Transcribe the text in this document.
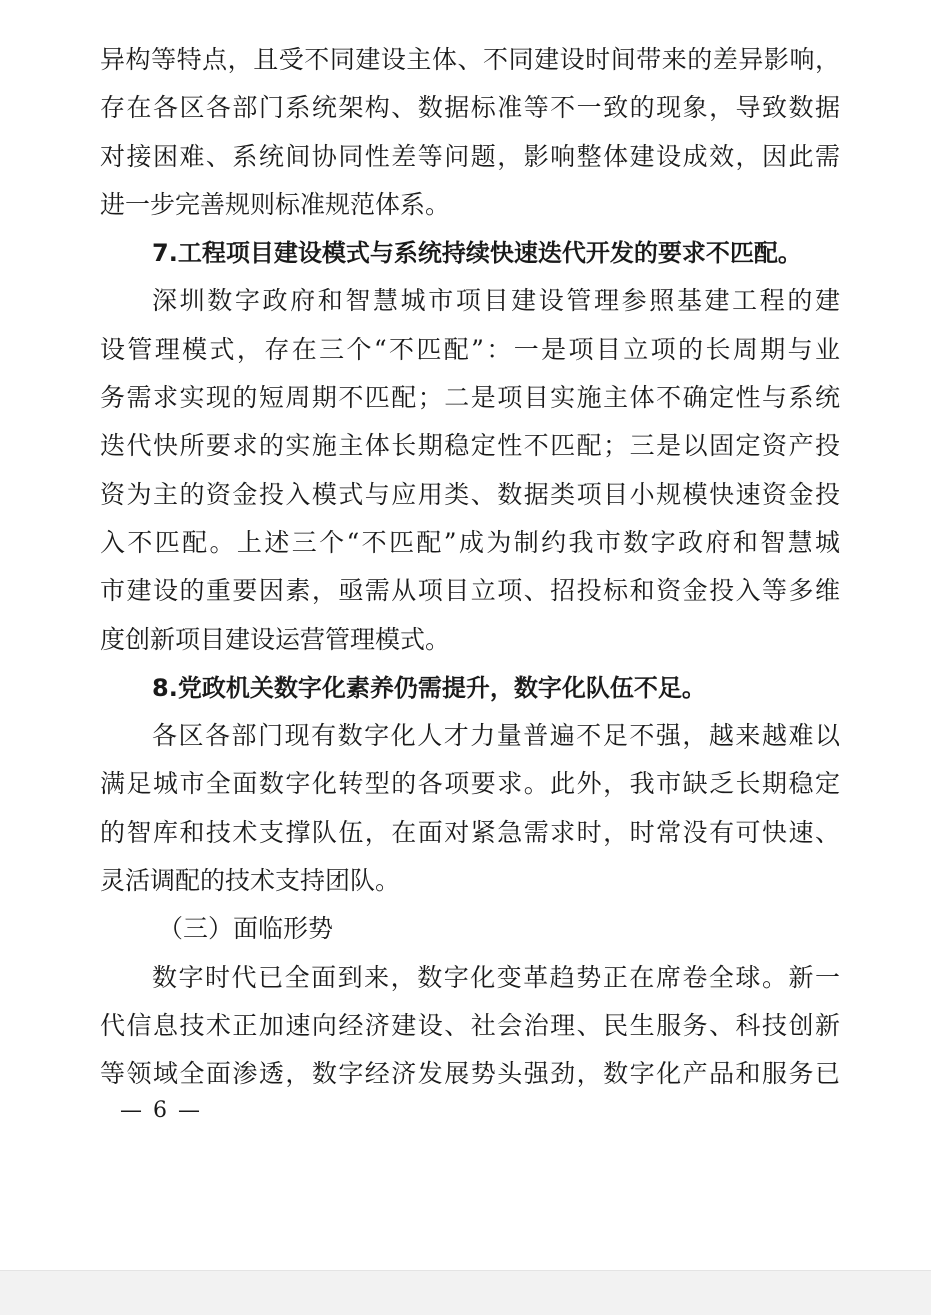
异构等特点，且受不同建设主体、不同建设时间带来的差异影响，
存在各区各部门系统架构、数据标准等不一致的现象，导致数据
对接困难、系统间协同性差等问题，影响整体建设成效，因此需
进一步完善规则标准规范体系。
7.工程项目建设模式与系统持续快速迭代开发的要求不匹配。
深圳数字政府和智慧城市项目建设管理参照基建工程的建
设管理模式，存在三个“不匹配”：一是项目立项的长周期与业
务需求实现的短周期不匹配；二是项目实施主体不确定性与系统
迭代快所要求的实施主体长期稳定性不匹配；三是以固定资产投
资为主的资金投入模式与应用类、数据类项目小规模快速资金投
入不匹配。上述三个“不匹配”成为制约我市数字政府和智慧城
市建设的重要因素，亟需从项目立项、招投标和资金投入等多维
度创新项目建设运营管理模式。
8.党政机关数字化素养仍需提升，数字化队伍不足。
各区各部门现有数字化人才力量普遍不足不强，越来越难以
满足城市全面数字化转型的各项要求。此外，我市缺乏长期稳定
的智库和技术支撑队伍，在面对紧急需求时，时常没有可快速、
灵活调配的技术支持团队。
（三）面临形势
数字时代已全面到来，数字化变革趋势正在席卷全球。新一
代信息技术正加速向经济建设、社会治理、民生服务、科技创新
等领域全面渗透，数字经济发展势头强劲，数字化产品和服务已
— 6 —
